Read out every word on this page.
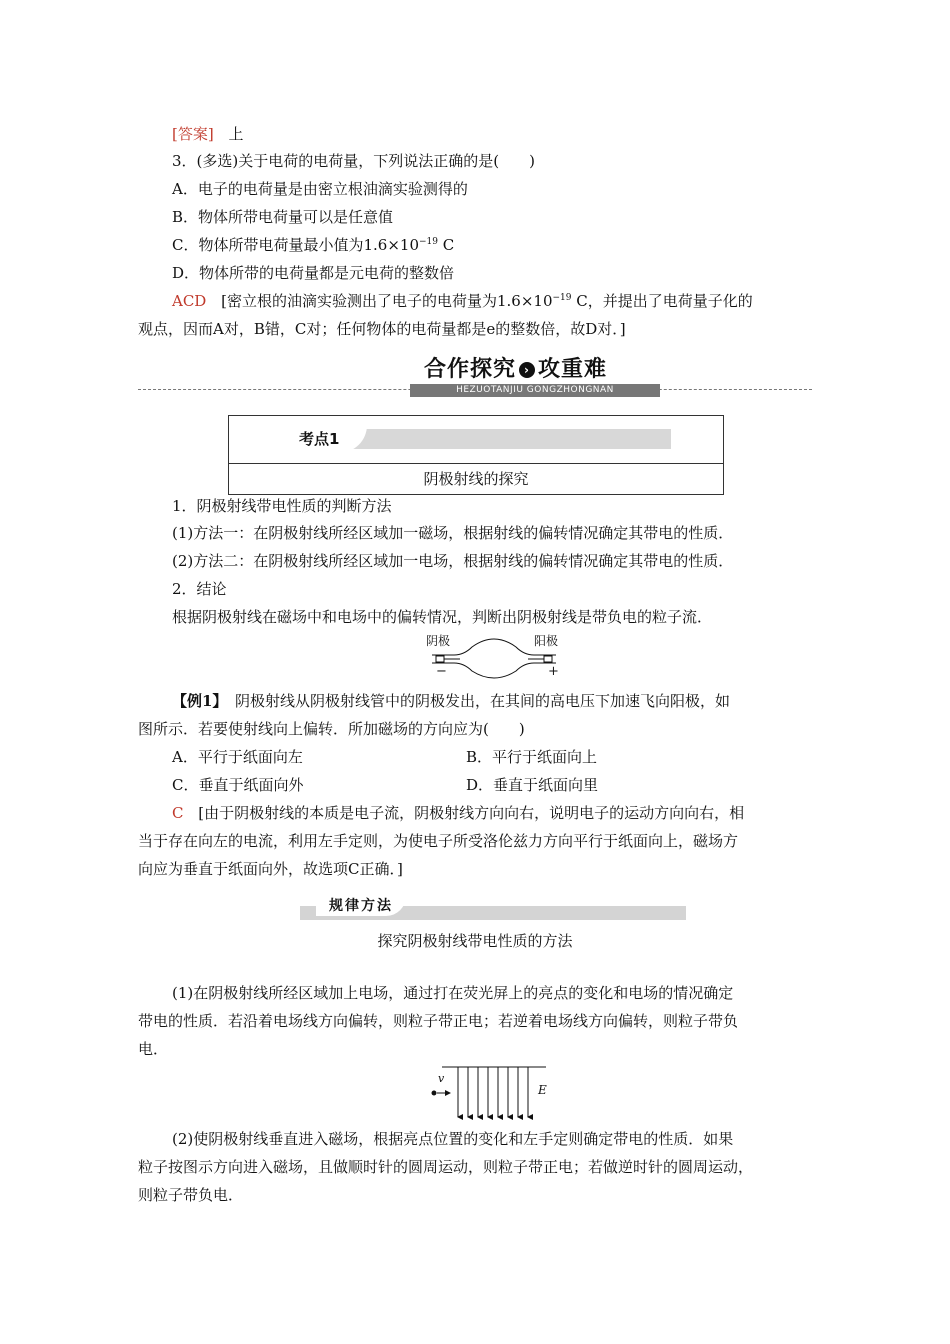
[答案] 上
3．(多选)关于电荷的电荷量，下列说法正确的是(　　)
A．电子的电荷量是由密立根油滴实验测得的
B．物体所带电荷量可以是任意值
C．物体所带电荷量最小值为$1.6\times 10^{-19}$ C
D．物体所带的电荷量都是元电荷的整数倍
ACD [密立根的油滴实验测出了电子的电荷量为$1.6\times 10^{-19}$ C，并提出了电荷量子化的
观点，因而A对，B错，C对；任何物体的电荷量都是e的整数倍，故D对．]
合作探究 › 攻重难
HEZUOTANJIU GONGZHONGNAN
考点1
阴极射线的探究
1．阴极射线带电性质的判断方法
(1)方法一：在阴极射线所经区域加一磁场，根据射线的偏转情况确定其带电的性质．
(2)方法二：在阴极射线所经区域加一电场，根据射线的偏转情况确定其带电的性质．
2．结论
根据阴极射线在磁场中和电场中的偏转情况，判断出阴极射线是带负电的粒子流．
阴极	阳极
−	+
【例1】　阴极射线从阴极射线管中的阴极发出，在其间的高电压下加速飞向阳极，如
图所示．若要使射线向上偏转．所加磁场的方向应为(　　)
A．平行于纸面向左	B．平行于纸面向上
C．垂直于纸面向外	D．垂直于纸面向里
C [由于阴极射线的本质是电子流，阴极射线方向向右，说明电子的运动方向向右，相
当于存在向左的电流，利用左手定则，为使电子所受洛伦兹力方向平行于纸面向上，磁场方
向应为垂直于纸面向外，故选项C正确．]
规律方法
探究阴极射线带电性质的方法
(1)在阴极射线所经区域加上电场，通过打在荧光屏上的亮点的变化和电场的情况确定
带电的性质．若沿着电场线方向偏转，则粒子带正电；若逆着电场线方向偏转，则粒子带负
电．
v
E
(2)使阴极射线垂直进入磁场，根据亮点位置的变化和左手定则确定带电的性质．如果
粒子按图示方向进入磁场，且做顺时针的圆周运动，则粒子带正电；若做逆时针的圆周运动，
则粒子带负电．
